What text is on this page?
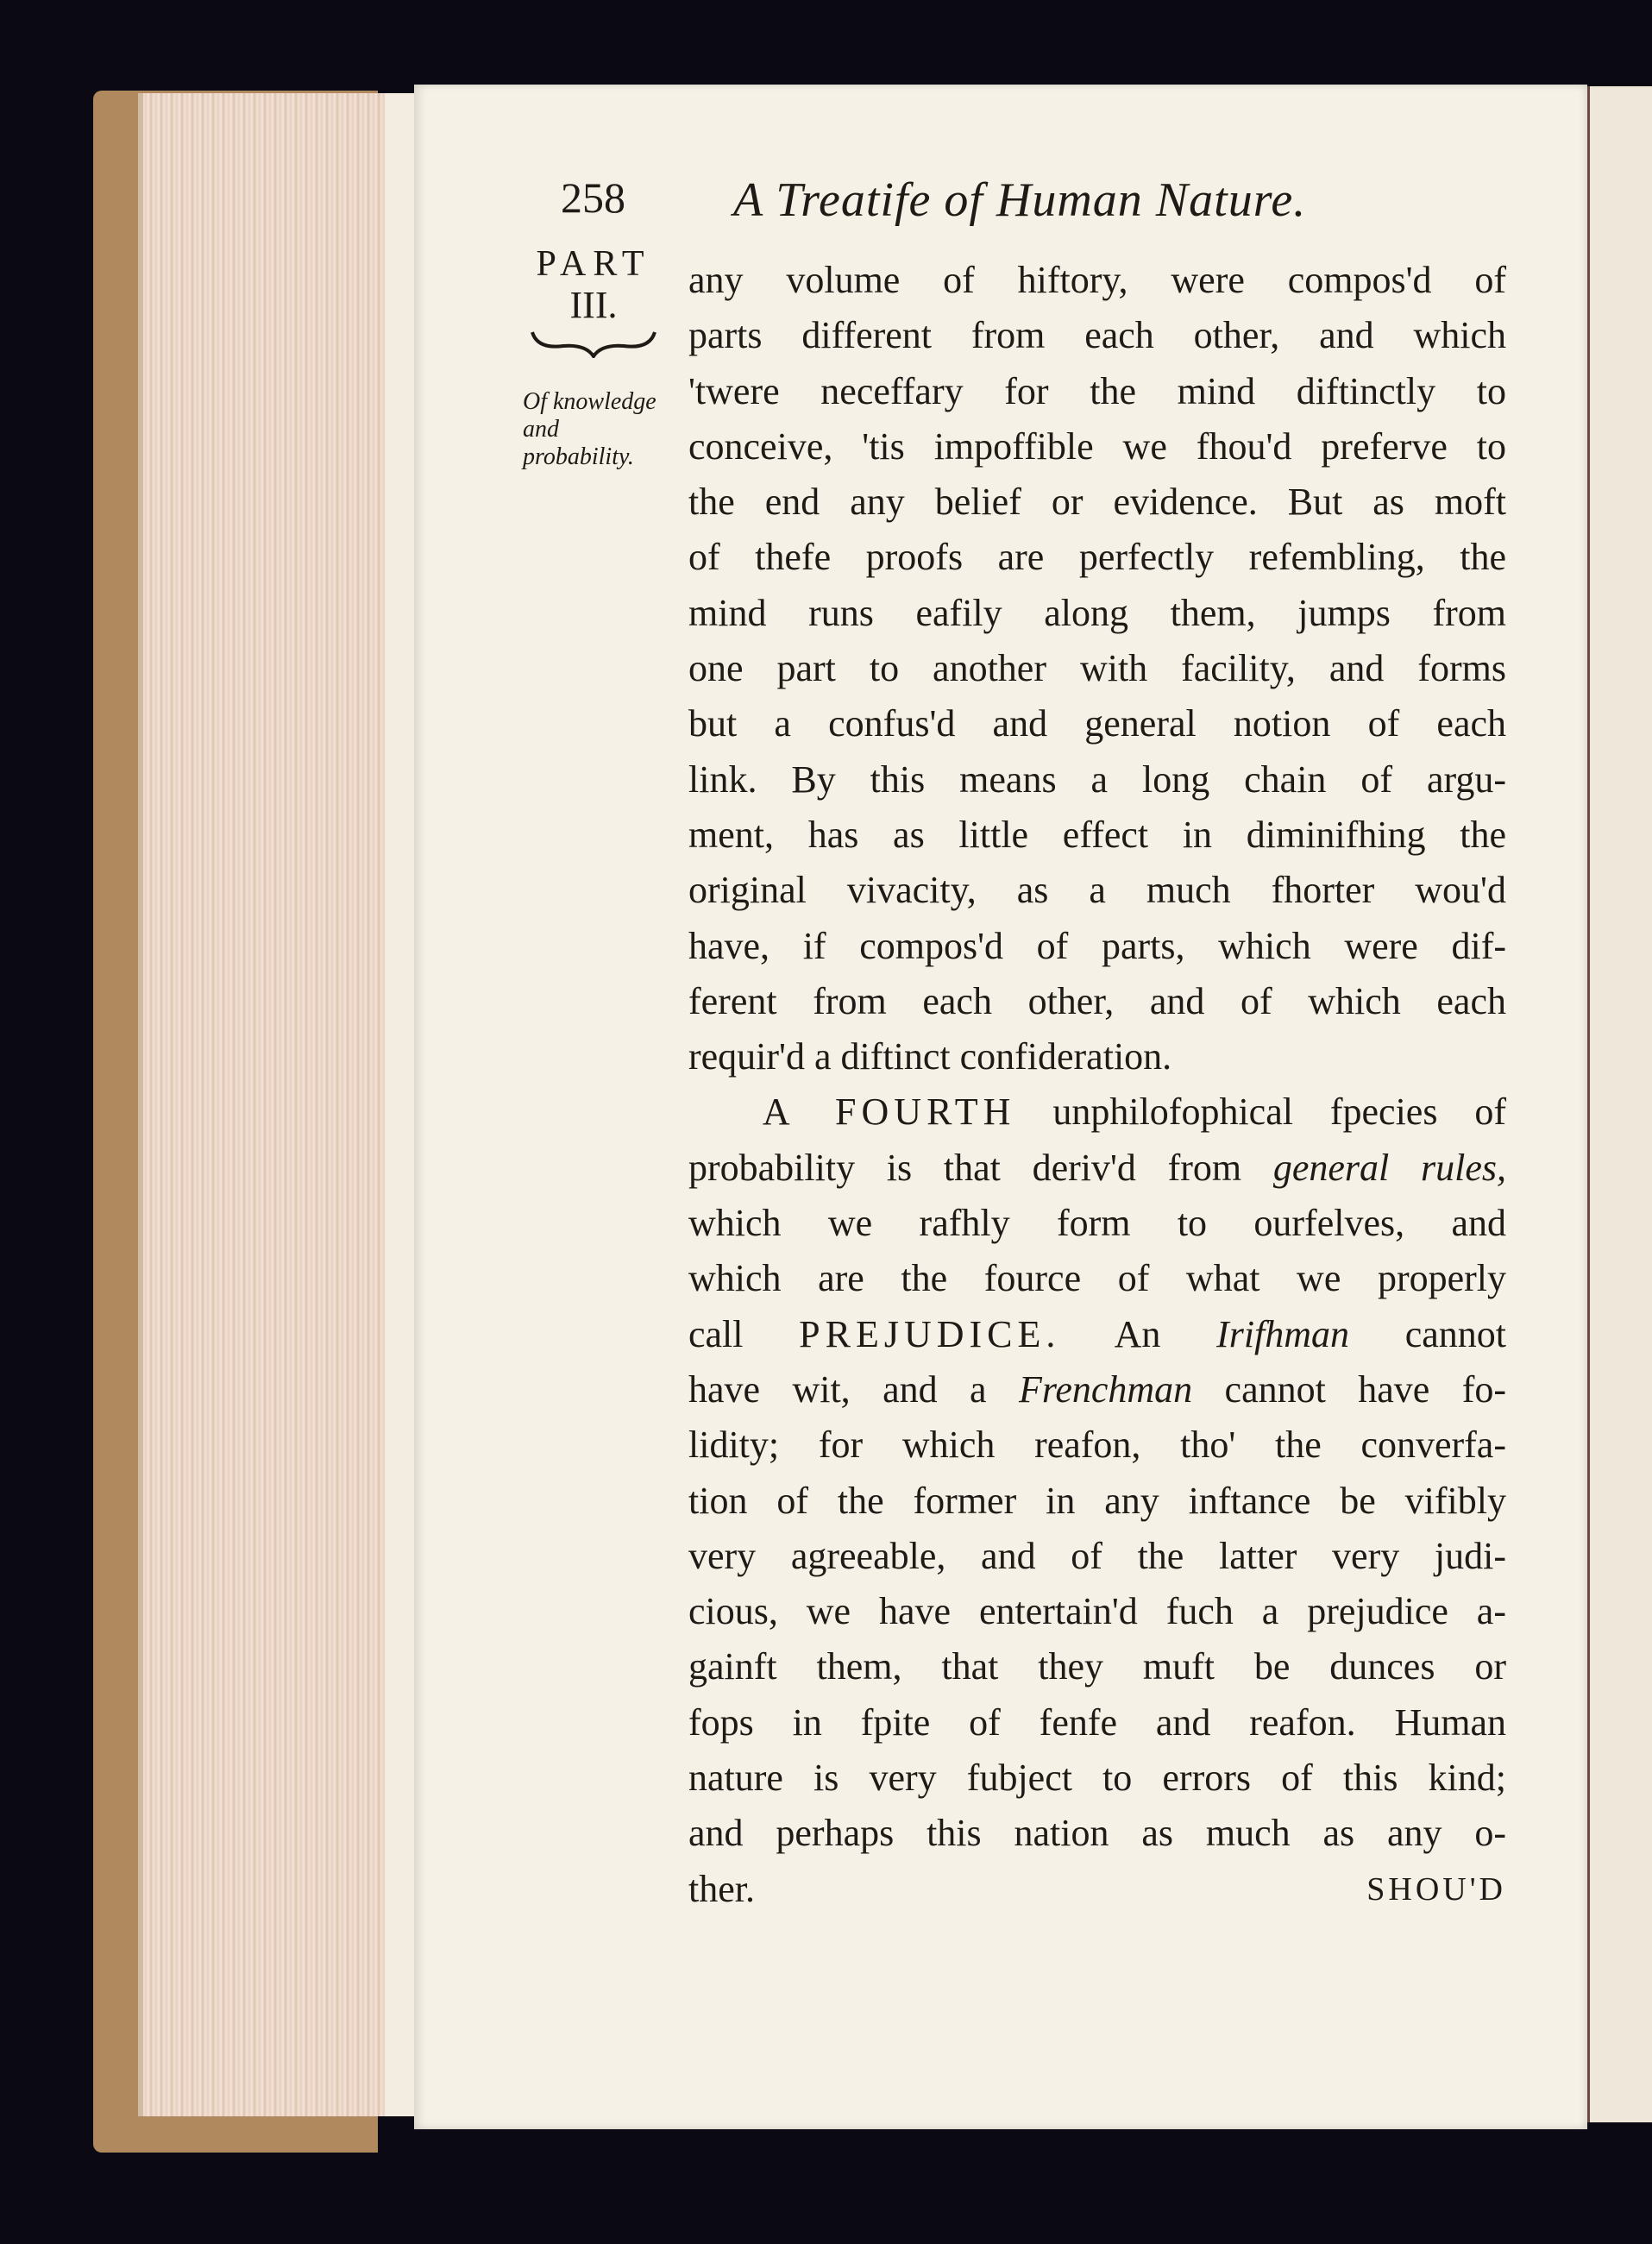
258 A Treatife of Human Nature.
PART
III.
Of knowledge and
probability.
any volume of hiftory, were compos'd of
parts different from each other, and which
'twere neceffary for the mind diftinctly to
conceive, 'tis impoffible we fhou'd preferve to
the end any belief or evidence. But as moft
of thefe proofs are perfectly refembling, the
mind runs eafily along them, jumps from
one part to another with facility, and forms
but a confus'd and general notion of each
link. By this means a long chain of argu-
ment, has as little effect in diminifhing the
original vivacity, as a much fhorter wou'd
have, if compos'd of parts, which were dif-
ferent from each other, and of which each
requir'd a diftinct confideration.
A FOURTH unphilofophical fpecies of
probability is that deriv'd from general rules,
which we rafhly form to ourfelves, and
which are the fource of what we properly
call PREJUDICE. An Irifhman cannot
have wit, and a Frenchman cannot have fo-
lidity; for which reafon, tho' the converfa-
tion of the former in any inftance be vifibly
very agreeable, and of the latter very judi-
cious, we have entertain'd fuch a prejudice a-
gainft them, that they muft be dunces or
fops in fpite of fenfe and reafon. Human
nature is very fubject to errors of this kind;
and perhaps this nation as much as any o-
ther.	SHOU'D
